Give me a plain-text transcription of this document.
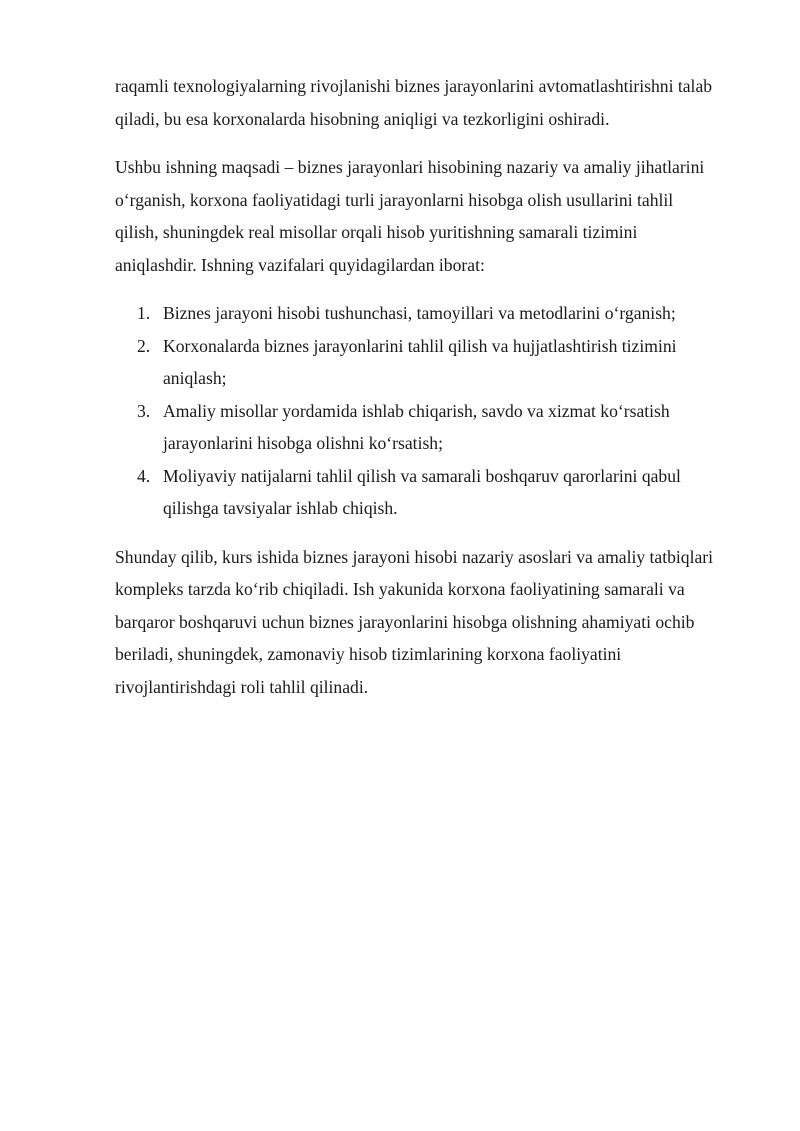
raqamli texnologiyalarning rivojlanishi biznes jarayonlarini avtomatlashtirishni talab qiladi, bu esa korxonalarda hisobning aniqligi va tezkorligini oshiradi.

Ushbu ishning maqsadi – biznes jarayonlari hisobining nazariy va amaliy jihatlarini o‘rganish, korxona faoliyatidagi turli jarayonlarni hisobga olish usullarini tahlil qilish, shuningdek real misollar orqali hisob yuritishning samarali tizimini aniqlashdir. Ishning vazifalari quyidagilardan iborat:

1. Biznes jarayoni hisobi tushunchasi, tamoyillari va metodlarini o‘rganish;
2. Korxonalarda biznes jarayonlarini tahlil qilish va hujjatlashtirish tizimini aniqlash;
3. Amaliy misollar yordamida ishlab chiqarish, savdo va xizmat ko‘rsatish jarayonlarini hisobga olishni ko‘rsatish;
4. Moliyaviy natijalarni tahlil qilish va samarali boshqaruv qarorlarini qabul qilishga tavsiyalar ishlab chiqish.

Shunday qilib, kurs ishida biznes jarayoni hisobi nazariy asoslari va amaliy tatbiqlari kompleks tarzda ko‘rib chiqiladi. Ish yakunida korxona faoliyatining samarali va barqaror boshqaruvi uchun biznes jarayonlarini hisobga olishning ahamiyati ochib beriladi, shuningdek, zamonaviy hisob tizimlarining korxona faoliyatini rivojlantirishdagi roli tahlil qilinadi.
